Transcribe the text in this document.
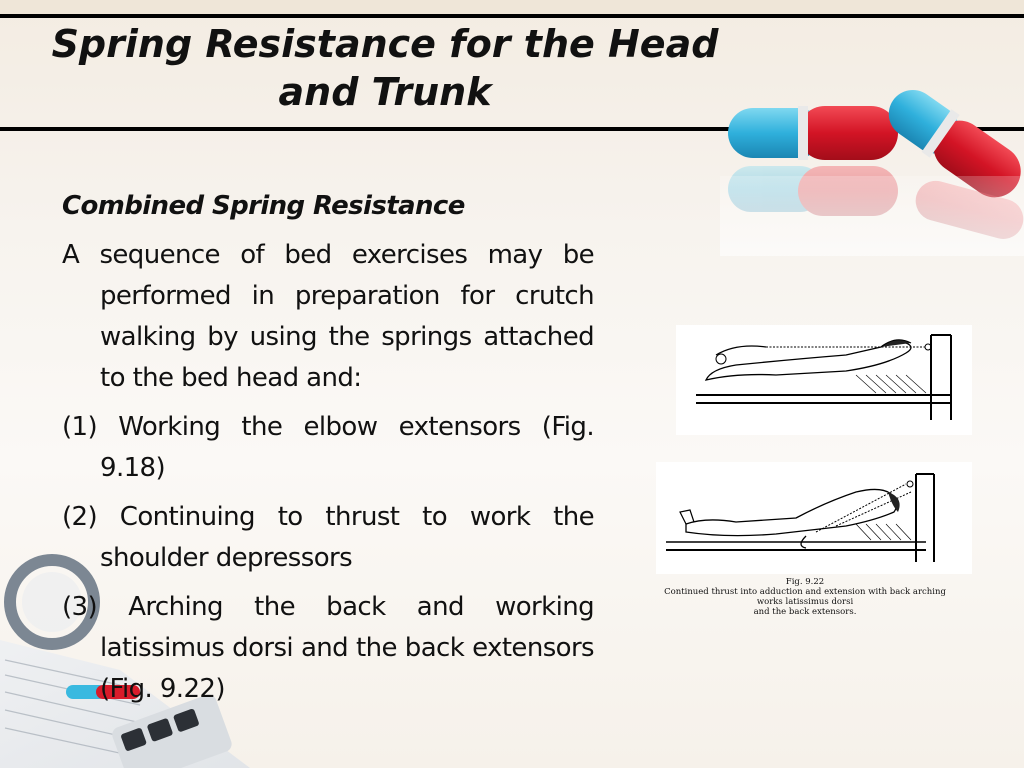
Spring Resistance for the Head and Trunk
Combined Spring Resistance
A sequence of bed exercises may be performed in preparation for crutch walking by using the springs attached to the bed head and:
(1) Working the elbow extensors (Fig. 9.18)
(2) Continuing to thrust to work the shoulder depressors
(3) Arching the back and working latissimus dorsi and the back extensors (Fig. 9.22)
Fig. 9.22
Continued thrust into adduction and extension with back arching works latissimus dorsi
and the back extensors.
